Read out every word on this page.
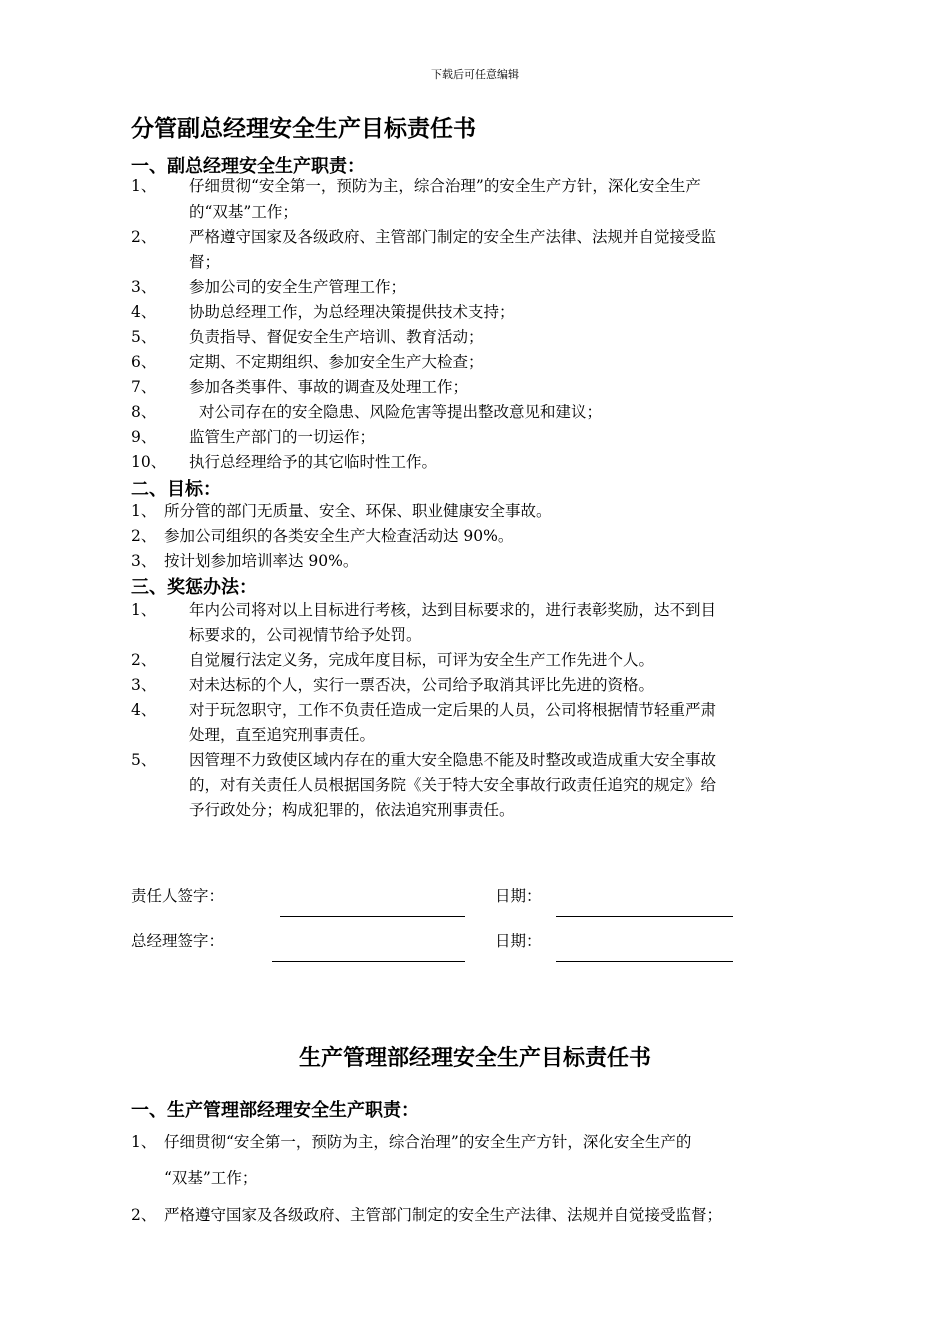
下载后可任意编辑
分管副总经理安全生产目标责任书
一、副总经理安全生产职责：
1、 仔细贯彻“安全第一，预防为主，综合治理”的安全生产方针，深化安全生产
的“双基”工作；
2、 严格遵守国家及各级政府、主管部门制定的安全生产法律、法规并自觉接受监
督；
3、 参加公司的安全生产管理工作；
4、 协助总经理工作，为总经理决策提供技术支持；
5、 负责指导、督促安全生产培训、教育活动；
6、 定期、不定期组织、参加安全生产大检查；
7、 参加各类事件、事故的调查及处理工作；
8、	对公司存在的安全隐患、风险危害等提出整改意见和建议；
9、 监管生产部门的一切运作；
10、 执行总经理给予的其它临时性工作。
二、目标：
1、 所分管的部门无质量、安全、环保、职业健康安全事故。
2、 参加公司组织的各类安全生产大检查活动达 90%。
3、 按计划参加培训率达 90%。
三、奖惩办法：
1、 年内公司将对以上目标进行考核，达到目标要求的，进行表彰奖励，达不到目
标要求的，公司视情节给予处罚。
2、 自觉履行法定义务，完成年度目标，可评为安全生产工作先进个人。
3、 对未达标的个人，实行一票否决，公司给予取消其评比先进的资格。
4、 对于玩忽职守，工作不负责任造成一定后果的人员，公司将根据情节轻重严肃
处理，直至追究刑事责任。
5、 因管理不力致使区域内存在的重大安全隐患不能及时整改或造成重大安全事故
的，对有关责任人员根据国务院《关于特大安全事故行政责任追究的规定》给
予行政处分；构成犯罪的，依法追究刑事责任。
责任人签字：	日期：
总经理签字：	日期：
生产管理部经理安全生产目标责任书
一、生产管理部经理安全生产职责：
1、 仔细贯彻“安全第一，预防为主，综合治理”的安全生产方针，深化安全生产的
“双基”工作；
2、 严格遵守国家及各级政府、主管部门制定的安全生产法律、法规并自觉接受监督；
